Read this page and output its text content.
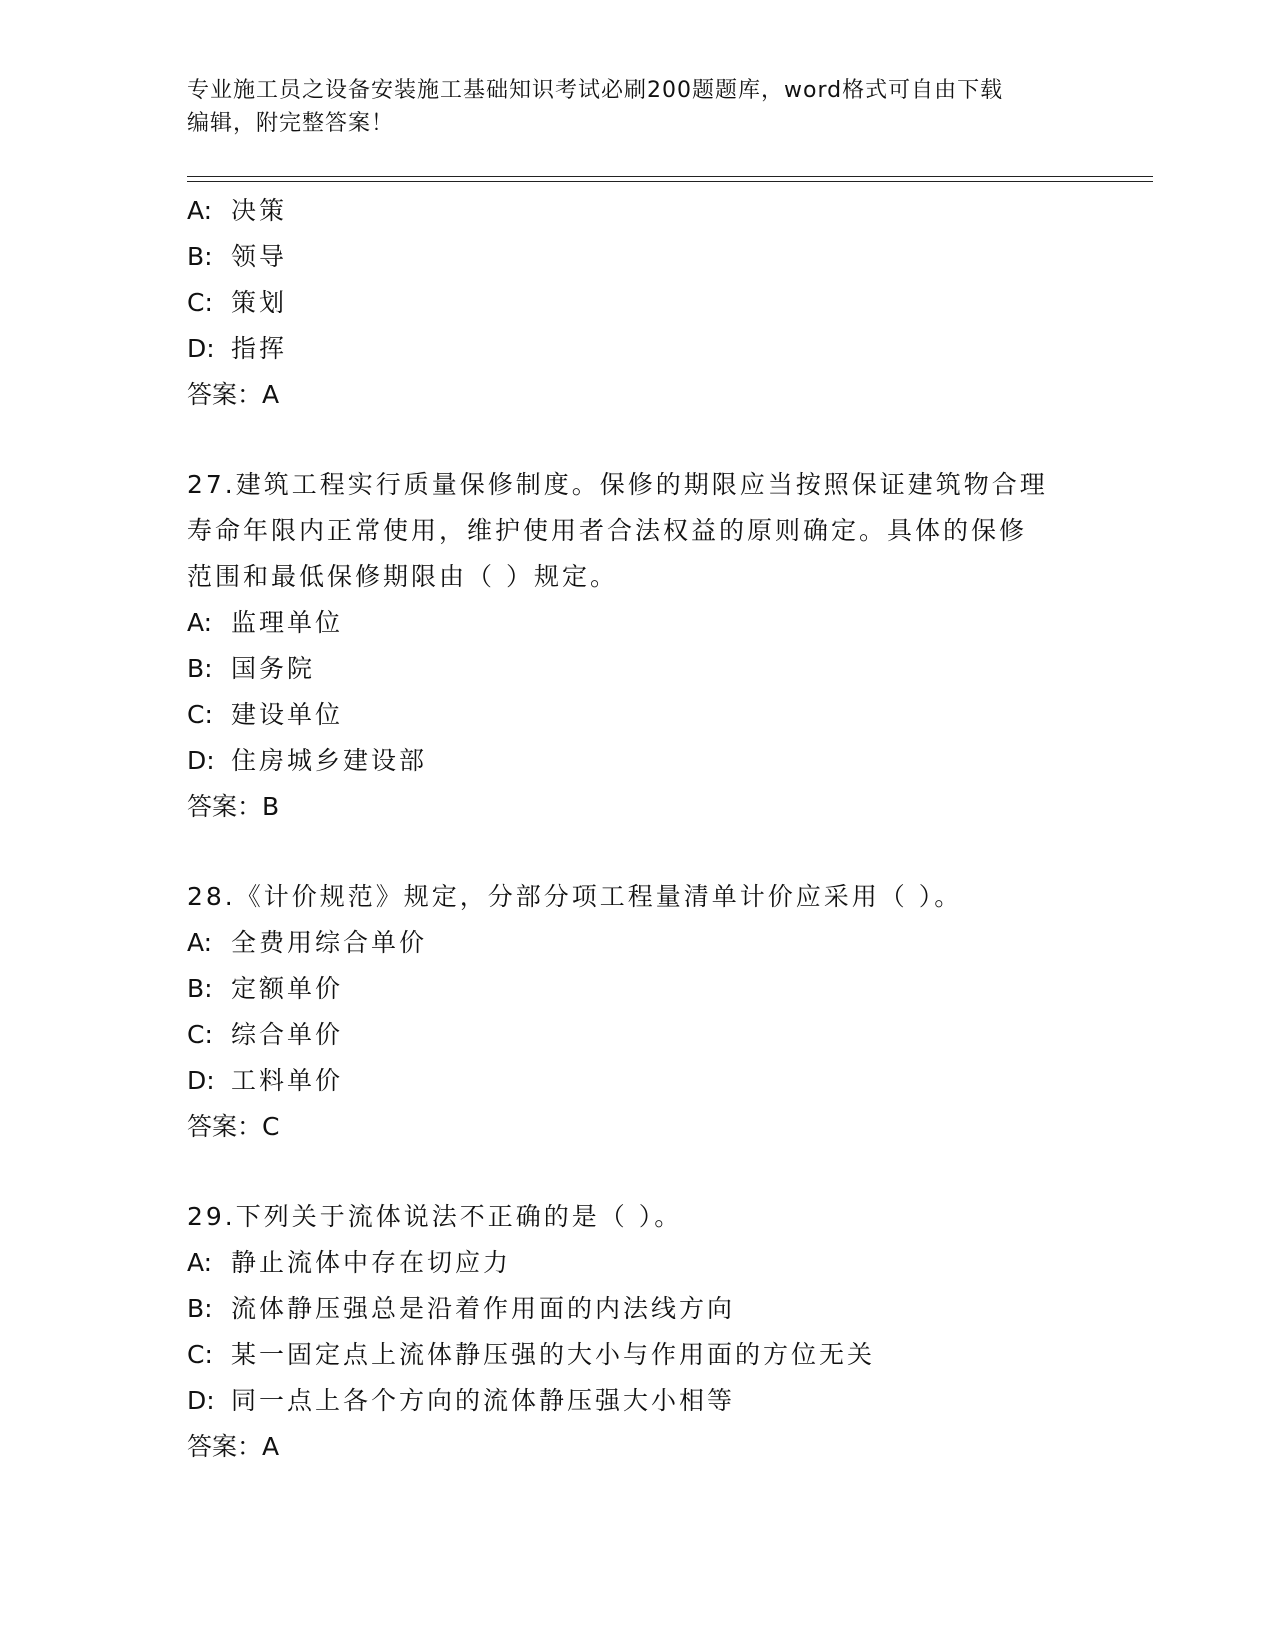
专业施工员之设备安装施工基础知识考试必刷200题题库，word格式可自由下载
编辑，附完整答案！
A: 决策
B: 领导
C: 策划
D: 指挥
答案：A
27.建筑工程实行质量保修制度。保修的期限应当按照保证建筑物合理
寿命年限内正常使用，维护使用者合法权益的原则确定。具体的保修
范围和最低保修期限由（ ）规定。
A: 监理单位
B: 国务院
C: 建设单位
D: 住房城乡建设部
答案：B
28.《计价规范》规定，分部分项工程量清单计价应采用（ ）。
A: 全费用综合单价
B: 定额单价
C: 综合单价
D: 工料单价
答案：C
29.下列关于流体说法不正确的是（ ）。
A: 静止流体中存在切应力
B: 流体静压强总是沿着作用面的内法线方向
C: 某一固定点上流体静压强的大小与作用面的方位无关
D: 同一点上各个方向的流体静压强大小相等
答案：A
